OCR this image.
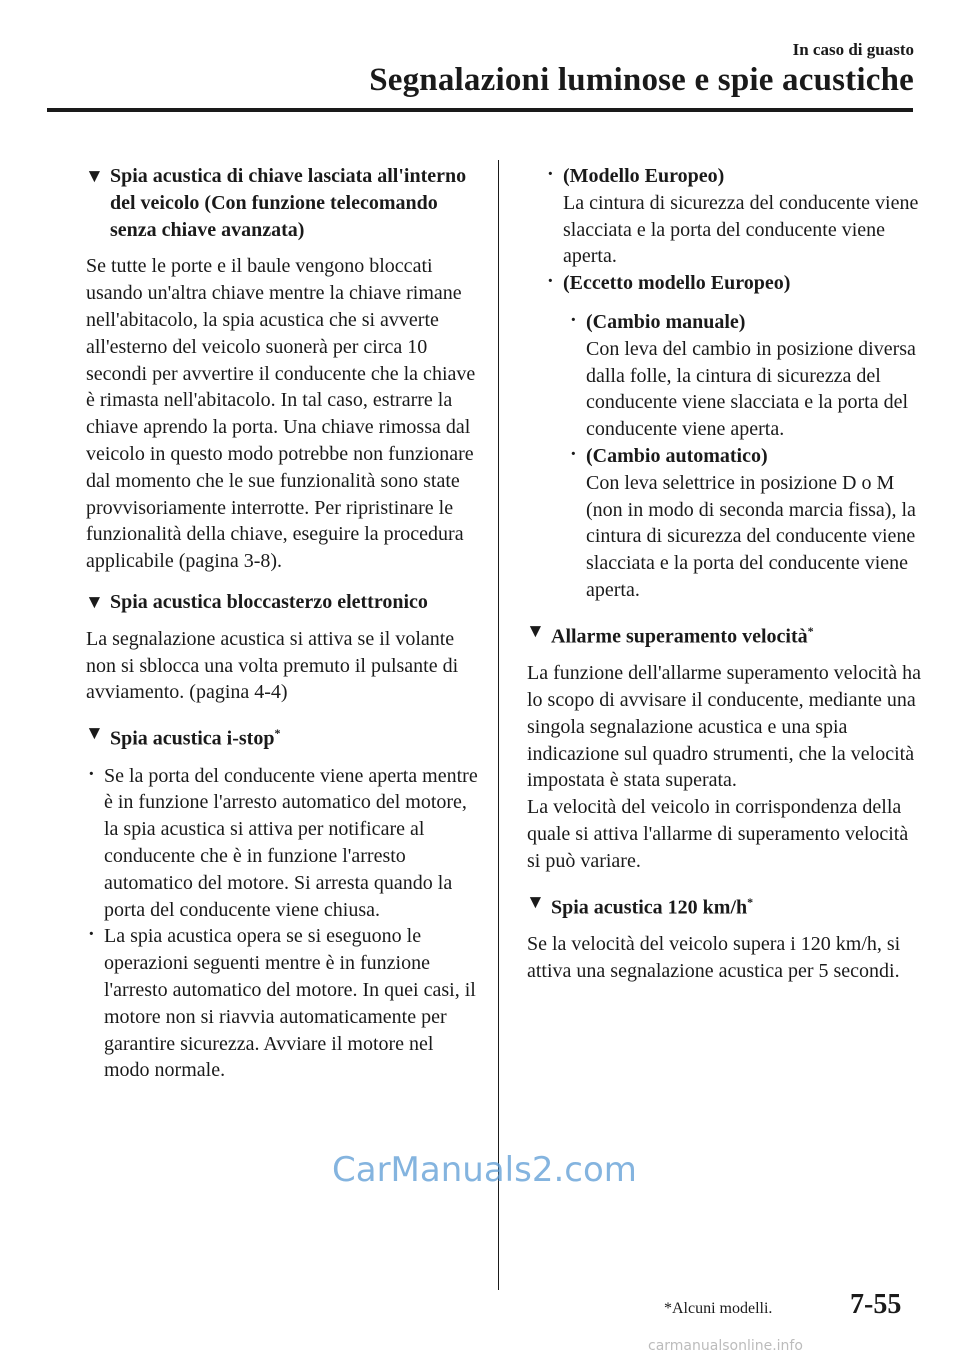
In caso di guasto
Segnalazioni luminose e spie acustiche
▼ Spia acustica di chiave lasciata all'interno del veicolo (Con funzione telecomando senza chiave avanzata)

Se tutte le porte e il baule vengono bloccati usando un'altra chiave mentre la chiave rimane nell'abitacolo, la spia acustica che si avverte all'esterno del veicolo suonerà per circa 10 secondi per avvertire il conducente che la chiave è rimasta nell'abitacolo. In tal caso, estrarre la chiave aprendo la porta. Una chiave rimossa dal veicolo in questo modo potrebbe non funzionare dal momento che le sue funzionalità sono state provvisoriamente interrotte. Per ripristinare le funzionalità della chiave, eseguire la procedura applicabile (pagina 3-8).

▼ Spia acustica bloccasterzo elettronico

La segnalazione acustica si attiva se il volante non si sblocca una volta premuto il pulsante di avviamento. (pagina 4-4)

▼ Spia acustica i-stop*
· Se la porta del conducente viene aperta mentre è in funzione l'arresto automatico del motore, la spia acustica si attiva per notificare al conducente che è in funzione l'arresto automatico del motore. Si arresta quando la porta del conducente viene chiusa.
· La spia acustica opera se si eseguono le operazioni seguenti mentre è in funzione l'arresto automatico del motore. In quei casi, il motore non si riavvia automaticamente per garantire sicurezza. Avviare il motore nel modo normale.
· (Modello Europeo)
La cintura di sicurezza del conducente viene slacciata e la porta del conducente viene aperta.
· (Eccetto modello Europeo)
· (Cambio manuale)
Con leva del cambio in posizione diversa dalla folle, la cintura di sicurezza del conducente viene slacciata e la porta del conducente viene aperta.
· (Cambio automatico)
Con leva selettrice in posizione D o M (non in modo di seconda marcia fissa), la cintura di sicurezza del conducente viene slacciata e la porta del conducente viene aperta.
▼ Allarme superamento velocità*

La funzione dell'allarme superamento velocità ha lo scopo di avvisare il conducente, mediante una singola segnalazione acustica e una spia indicazione sul quadro strumenti, che la velocità impostata è stata superata.

La velocità del veicolo in corrispondenza della quale si attiva l'allarme di superamento velocità si può variare.

▼ Spia acustica 120 km/h*

Se la velocità del veicolo supera i 120 km/h, si attiva una segnalazione acustica per 5 secondi.

*Alcuni modelli.	7-55
CarManuals2.com
carmanualsonline.info
